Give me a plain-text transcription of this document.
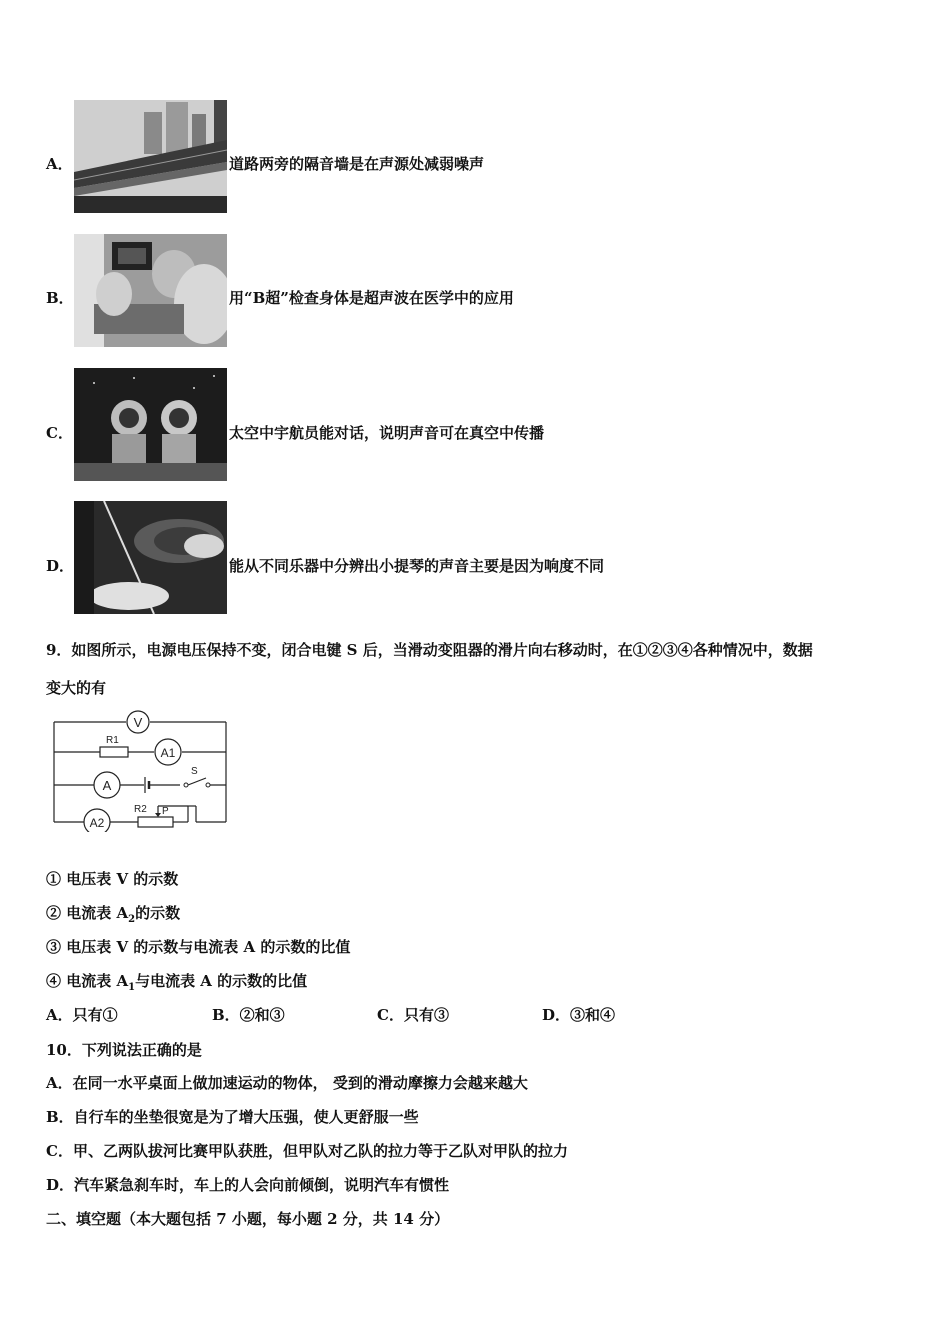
A．	道路两旁的隔音墙是在声源处减弱噪声
B．	用“B超”检查身体是超声波在医学中的应用
C．	太空中宇航员能对话，说明声音可在真空中传播
D．	能从不同乐器中分辨出小提琴的声音主要是因为响度不同
9．如图所示，电源电压保持不变，闭合电键 S 后，当滑动变阻器的滑片向右移动时，在①②③④各种情况中，数据
变大的有
V
R1
A1
A
S
A2
R2 P
① 电压表 V 的示数
② 电流表 $A_2$的示数
③ 电压表 V 的示数与电流表 A 的示数的比值
④ 电流表 $A_1$与电流表 A 的示数的比值
A．只有①	B．②和③	C．只有③	D．③和④
10．下列说法正确的是
A．在同一水平桌面上做加速运动的物体， 受到的滑动摩擦力会越来越大
B．自行车的坐垫很宽是为了增大压强，使人更舒服一些
C．甲、乙两队拔河比赛甲队获胜，但甲队对乙队的拉力等于乙队对甲队的拉力
D．汽车紧急刹车时，车上的人会向前倾倒，说明汽车有惯性
二、填空题（本大题包括 7 小题，每小题 2 分，共 14 分）
